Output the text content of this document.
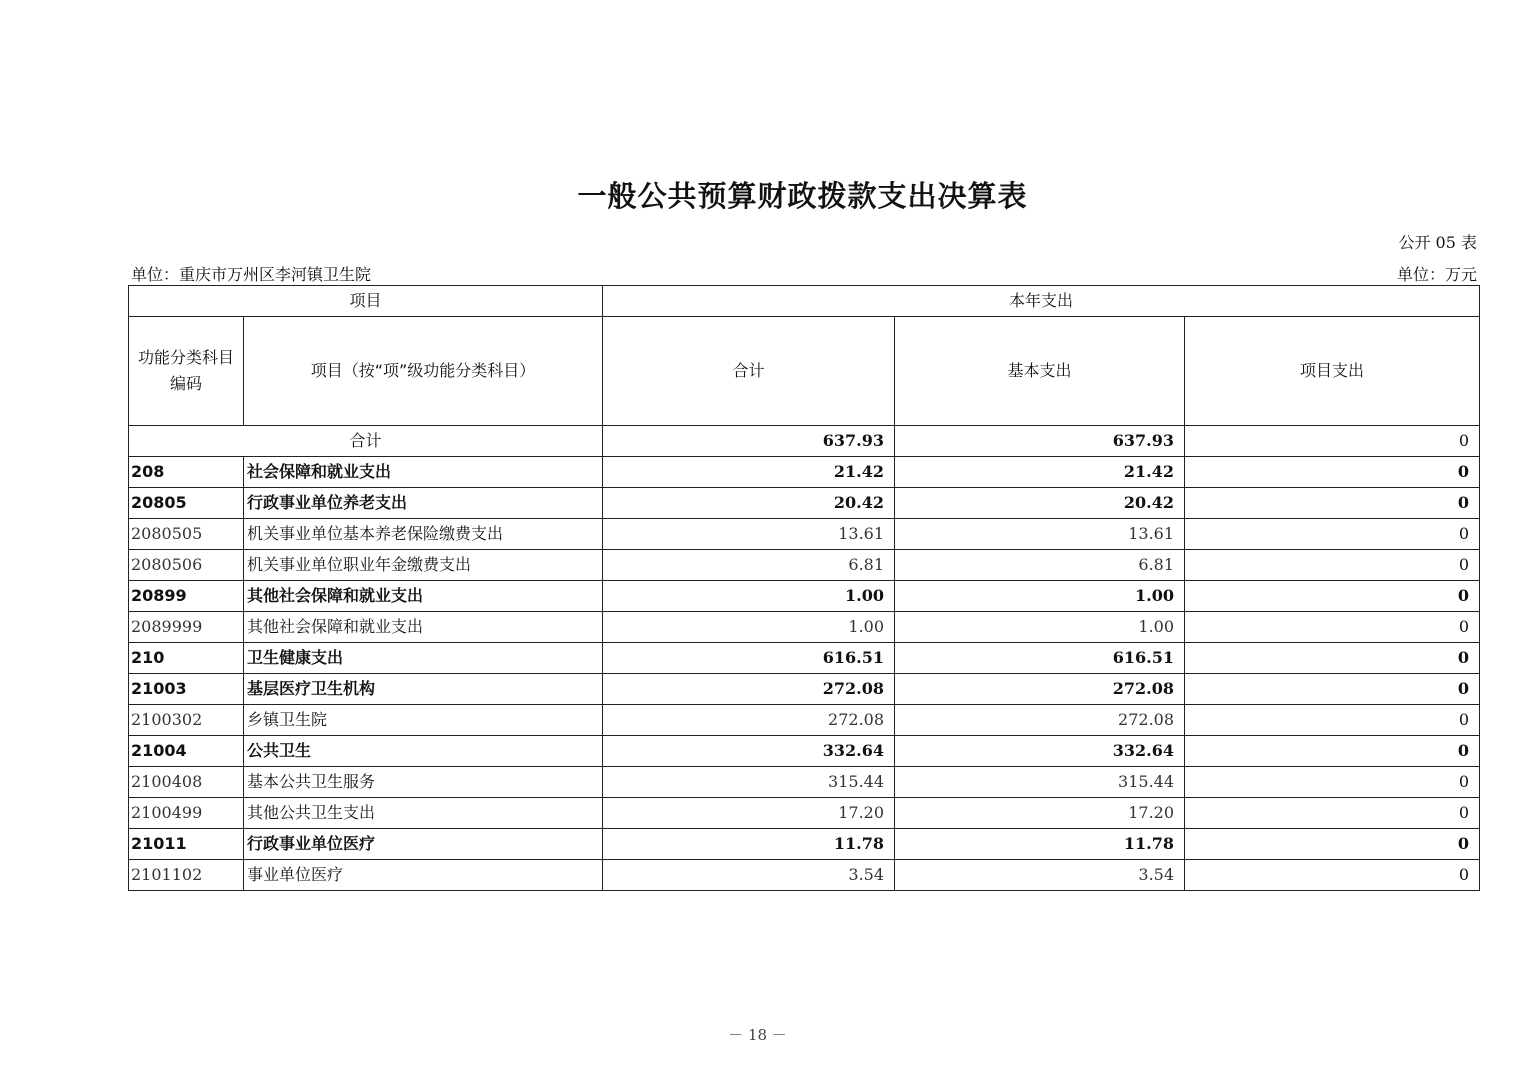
一般公共预算财政拨款支出决算表
公开 05 表
单位：重庆市万州区李河镇卫生院	单位：万元
项目		本年支出		
功能分类科目编码	项目（按“项”级功能分类科目）	合计	基本支出	项目支出
合计		637.93	637.93	0
208	社会保障和就业支出	21.42	21.42	0
20805	行政事业单位养老支出	20.42	20.42	0
2080505	机关事业单位基本养老保险缴费支出	13.61	13.61	0
2080506	机关事业单位职业年金缴费支出	6.81	6.81	0
20899	其他社会保障和就业支出	1.00	1.00	0
2089999	其他社会保障和就业支出	1.00	1.00	0
210	卫生健康支出	616.51	616.51	0
21003	基层医疗卫生机构	272.08	272.08	0
2100302	乡镇卫生院	272.08	272.08	0
21004	公共卫生	332.64	332.64	0
2100408	基本公共卫生服务	315.44	315.44	0
2100499	其他公共卫生支出	17.20	17.20	0
21011	行政事业单位医疗	11.78	11.78	0
2101102	事业单位医疗	3.54	3.54	0
－ 18 －
